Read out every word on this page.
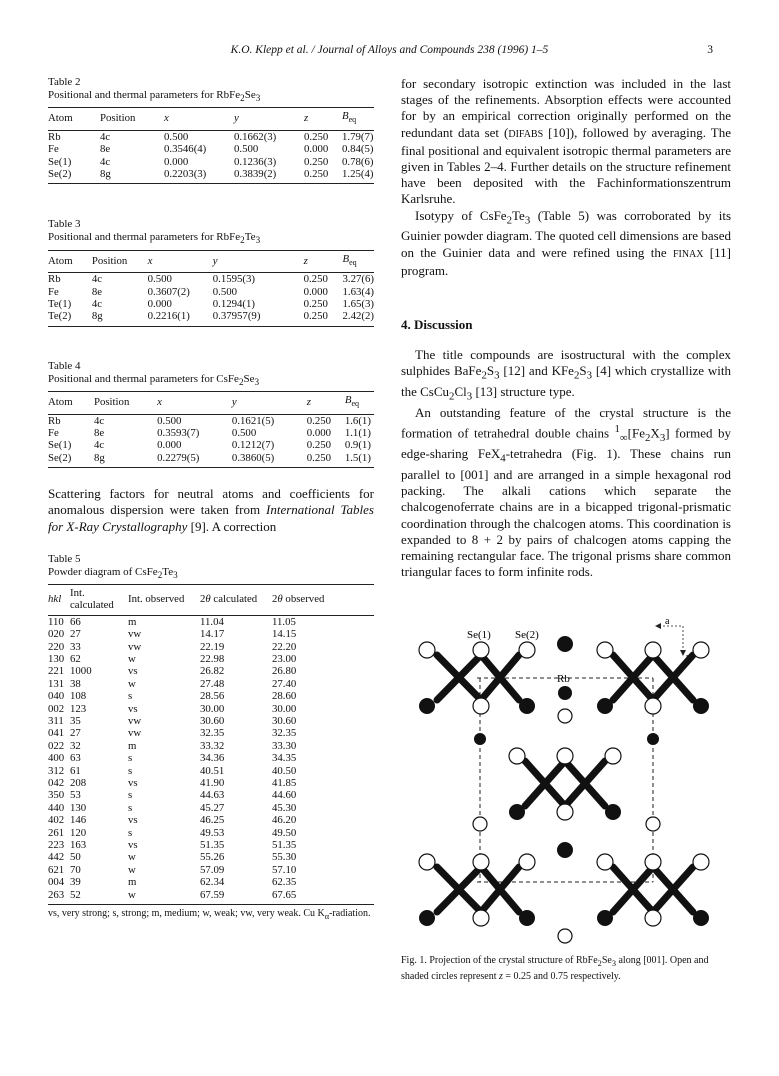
K.O. Klepp et al. / Journal of Alloys and Compounds 238 (1996) 1–5	3
Table 2
Positional and thermal parameters for $RbFe_2Se_3$
Atom	Position	x	y	z	$B_{eq}$
Rb	4c	0.500	0.1662(3)	0.250	1.79(7)
Fe	8e	0.3546(4)	0.500	0.000	0.84(5)
Se(1)	4c	0.000	0.1236(3)	0.250	0.78(6)
Se(2)	8g	0.2203(3)	0.3839(2)	0.250	1.25(4)
Table 3
Positional and thermal parameters for $RbFe_2Te_3$
Atom	Position	x	y	z	$B_{eq}$
Rb	4c	0.500	0.1595(3)	0.250	3.27(6)
Fe	8e	0.3607(2)	0.500	0.000	1.63(4)
Te(1)	4c	0.000	0.1294(1)	0.250	1.65(3)
Te(2)	8g	0.2216(1)	0.37957(9)	0.250	2.42(2)
Table 4
Positional and thermal parameters for $CsFe_2Se_3$
Atom	Position	x	y	z	$B_{eq}$
Rb	4c	0.500	0.1621(5)	0.250	1.6(1)
Fe	8e	0.3593(7)	0.500	0.000	1.1(1)
Se(1)	4c	0.000	0.1212(7)	0.250	0.9(1)
Se(2)	8g	0.2279(5)	0.3860(5)	0.250	1.5(1)
Scattering factors for neutral atoms and coefficients for anomalous dispersion were taken from International Tables for X-Ray Crystallography [9]. A correction
Table 5
Powder diagram of $CsFe_2Te_3$
hkl	Int. calculated	Int. observed	2θ calculated	2θ observed
110	66	m	11.04	11.05
020	27	vw	14.17	14.15
220	33	vw	22.19	22.20
130	62	w	22.98	23.00
221	1000	vs	26.82	26.80
131	38	w	27.48	27.40
040	108	s	28.56	28.60
002	123	vs	30.00	30.00
311	35	vw	30.60	30.60
041	27	vw	32.35	32.35
022	32	m	33.32	33.30
400	63	s	34.36	34.35
312	61	s	40.51	40.50
042	208	vs	41.90	41.85
350	53	s	44.63	44.60
440	130	s	45.27	45.30
402	146	vs	46.25	46.20
261	120	s	49.53	49.50
223	163	vs	51.35	51.35
442	50	w	55.26	55.30
621	70	w	57.09	57.10
004	39	m	62.34	62.35
263	52	w	67.59	67.65
vs, very strong; s, strong; m, medium; w, weak; vw, very weak. Cu $K_\alpha$-radiation.
for secondary isotropic extinction was included in the last stages of the refinements. Absorption effects were accounted for by an empirical correction originally performed on the redundant data set (DIFABS [10]), followed by averaging. The final positional and equivalent isotropic thermal parameters are given in Tables 2–4. Further details on the structure refinement have been deposited with the Fachinformationszentrum Karlsruhe.
Isotypy of $CsFe_2Te_3$ (Table 5) was corroborated by its Guinier powder diagram. The quoted cell dimensions are based on the Guinier data and were refined using the FINAX [11] program.
4. Discussion
The title compounds are isostructural with the complex sulphides $BaFe_2S_3$ [12] and $KFe_2S_3$ [4] which crystallize with the $CsCu_2Cl_3$ [13] structure type.
An outstanding feature of the crystal structure is the formation of tetrahedral double chains $^1_\infty[Fe_2X_3]$ formed by edge-sharing FeX$_4$-tetrahedra (Fig. 1). These chains run parallel to [001] and are arranged in a simple hexagonal rod packing. The alkali cations which separate the chalcogenoferrate chains are in a bicapped trigonal-prismatic coordination through the chalcogen atoms. This coordination is expanded to 8 + 2 by pairs of chalcogen atoms capping the remaining rectangular face. The trigonal prisms share common triangular faces to form infinite rods.
a
Se(1) Se(2)
Rb
Fig. 1. Projection of the crystal structure of $RbFe_2Se_3$ along [001]. Open and shaded circles represent z = 0.25 and 0.75 respectively.
